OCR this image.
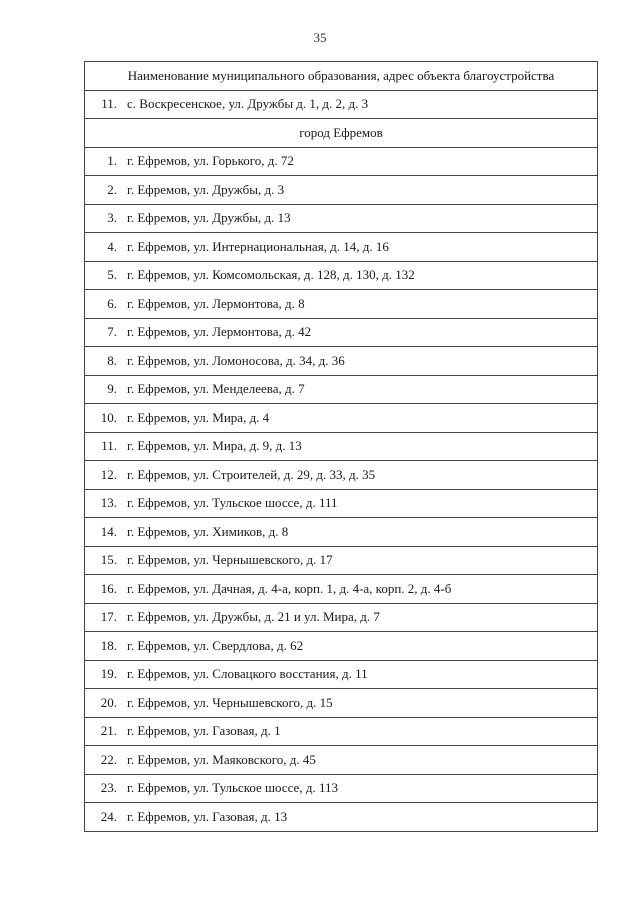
35
Наименование муниципального образования, адрес объекта благоустройства
11. с. Воскресенское, ул. Дружбы д. 1, д. 2, д. 3
город Ефремов
1. г. Ефремов, ул. Горького, д. 72
2. г. Ефремов, ул. Дружбы, д. 3
3. г. Ефремов, ул. Дружбы, д. 13
4. г. Ефремов, ул. Интернациональная, д. 14, д. 16
5. г. Ефремов, ул. Комсомольская, д. 128, д. 130, д. 132
6. г. Ефремов, ул. Лермонтова, д. 8
7. г. Ефремов, ул. Лермонтова, д. 42
8. г. Ефремов, ул. Ломоносова, д. 34, д. 36
9. г. Ефремов, ул. Менделеева, д. 7
10. г. Ефремов, ул. Мира, д. 4
11. г. Ефремов, ул. Мира, д. 9, д. 13
12. г. Ефремов, ул. Строителей, д. 29, д. 33, д. 35
13. г. Ефремов, ул. Тульское шоссе, д. 111
14. г. Ефремов, ул. Химиков, д. 8
15. г. Ефремов, ул. Чернышевского, д. 17
16. г. Ефремов, ул. Дачная, д. 4-а, корп. 1, д. 4-а, корп. 2, д. 4-б
17. г. Ефремов, ул. Дружбы, д. 21 и ул. Мира, д. 7
18. г. Ефремов, ул. Свердлова, д. 62
19. г. Ефремов, ул. Словацкого восстания, д. 11
20. г. Ефремов, ул. Чернышевского, д. 15
21. г. Ефремов, ул. Газовая, д. 1
22. г. Ефремов, ул. Маяковского, д. 45
23. г. Ефремов, ул. Тульское шоссе, д. 113
24. г. Ефремов, ул. Газовая, д. 13
